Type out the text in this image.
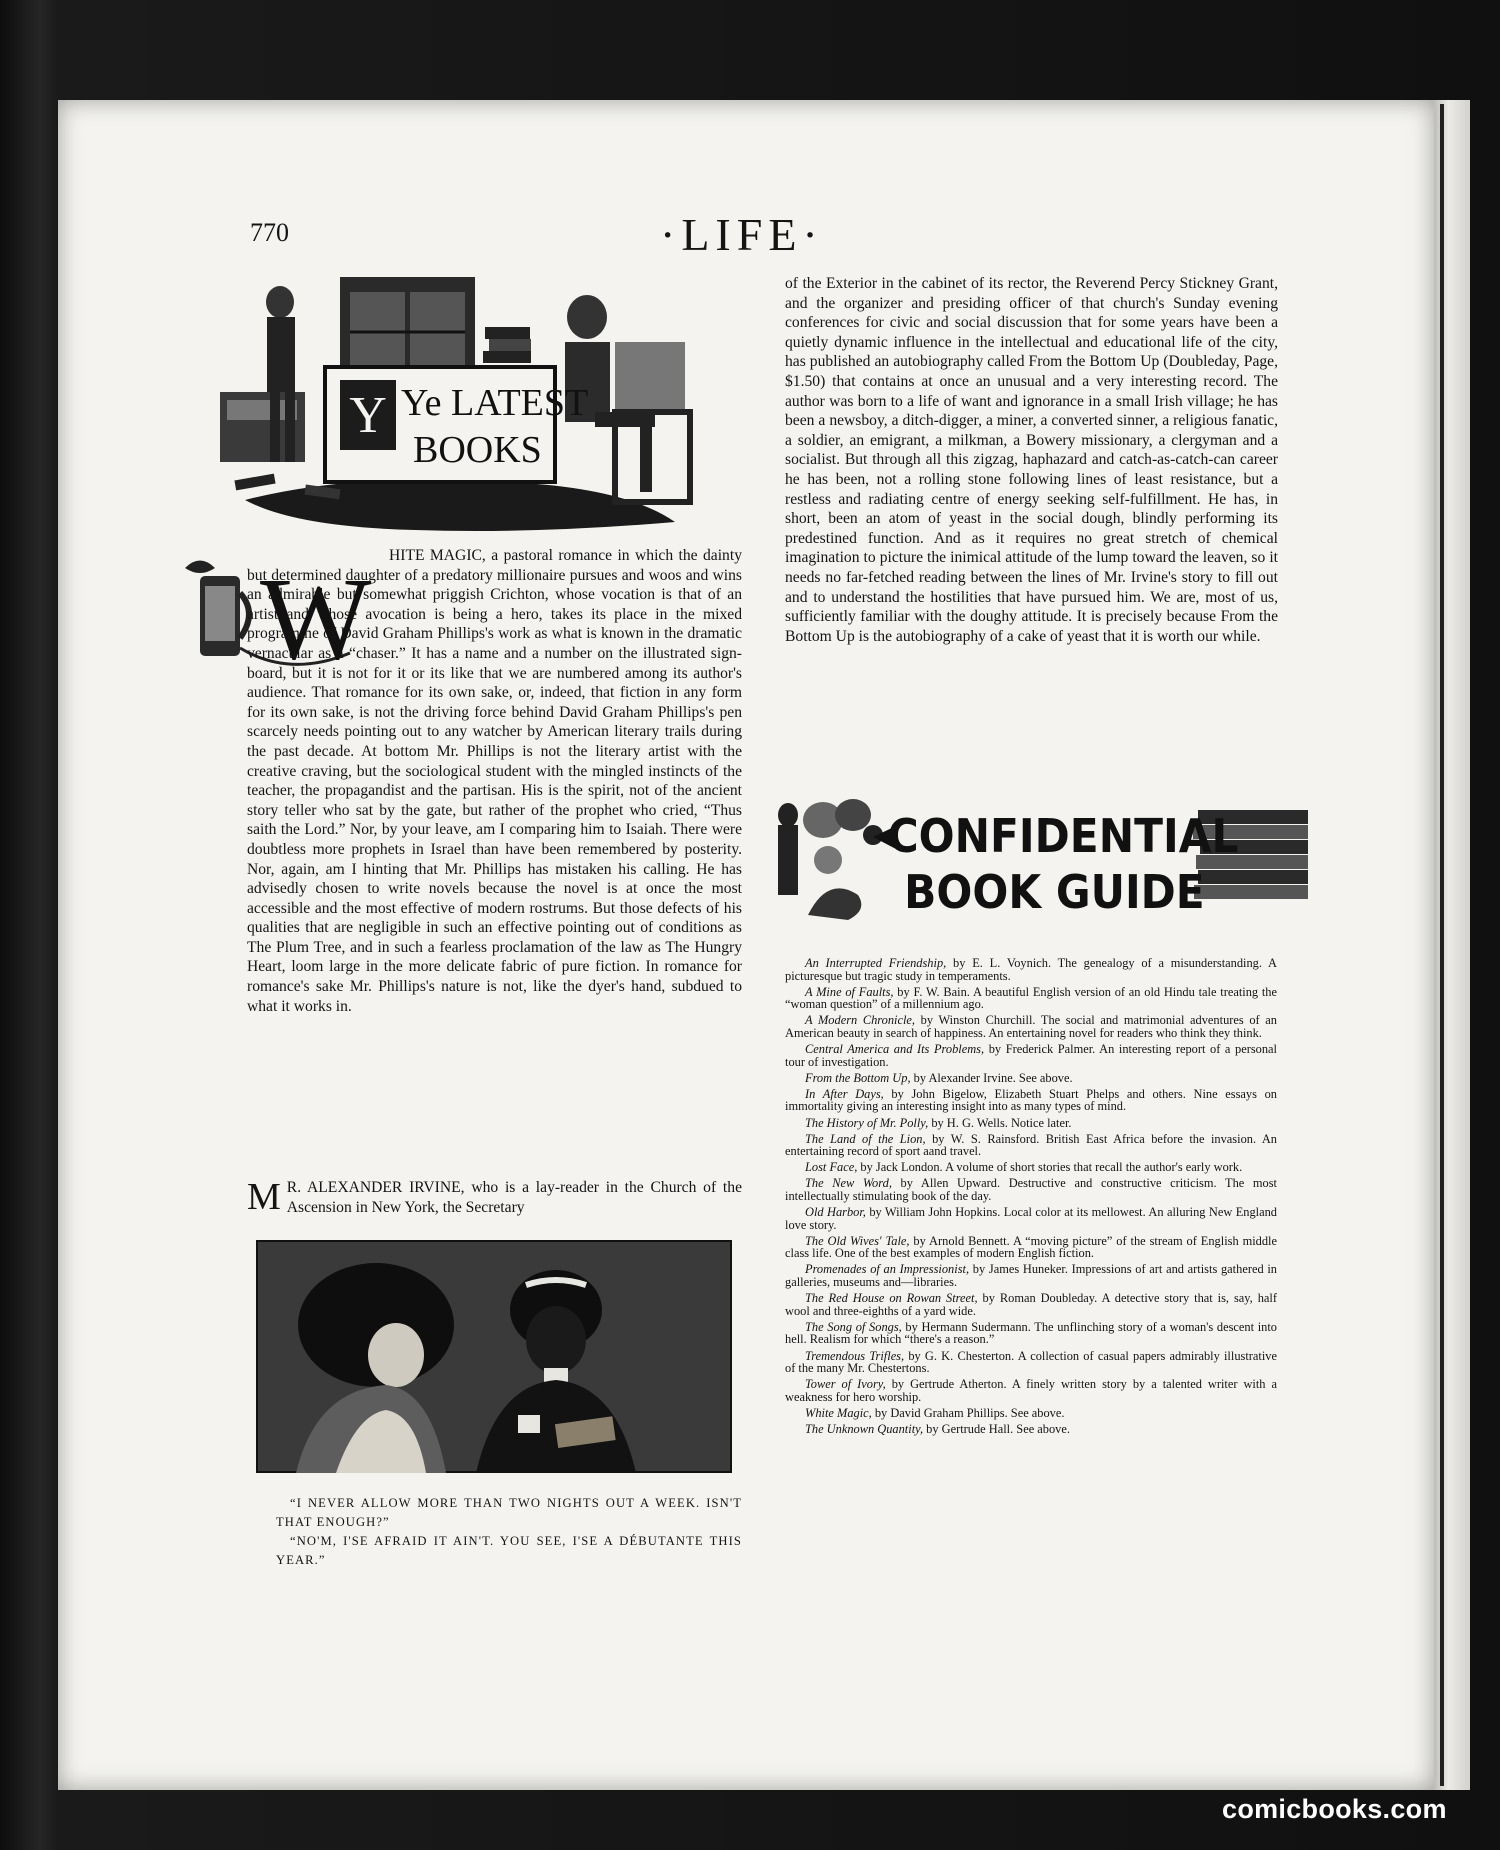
770	·LIFE·
Y Ye LATEST
BOOKS
W	HITE MAGIC, a pastoral romance in which the dainty but determined daughter of a predatory millionaire pursues and woos and wins an admirable but somewhat priggish Crichton, whose vocation is that of an artist and whose avocation is being a hero, takes its place in the mixed programme of David Graham Phillips's work as what is known in the dramatic vernacular as a “chaser.” It has a name and a number on the illustrated sign-board, but it is not for it or its like that we are numbered among its author's audience. That romance for its own sake, or, indeed, that fiction in any form for its own sake, is not the driving force behind David Graham Phillips's pen scarcely needs pointing out to any watcher by American literary trails during the past decade. At bottom Mr. Phillips is not the literary artist with the creative craving, but the sociological student with the mingled instincts of the teacher, the propagandist and the partisan. His is the spirit, not of the ancient story teller who sat by the gate, but rather of the prophet who cried, “Thus saith the Lord.” Nor, by your leave, am I comparing him to Isaiah. There were doubtless more prophets in Israel than have been remembered by posterity. Nor, again, am I hinting that Mr. Phillips has mistaken his calling. He has advisedly chosen to write novels because the novel is at once the most accessible and the most effective of modern rostrums. But those defects of his qualities that are negligible in such an effective pointing out of conditions as The Plum Tree, and in such a fearless proclamation of the law as The Hungry Heart, loom large in the more delicate fabric of pure fiction. In romance for romance's sake Mr. Phillips's nature is not, like the dyer's hand, subdued to what it works in.

M R. ALEXANDER IRVINE, who is a lay-reader in the Church of the Ascension in New York, the Secretary

“I NEVER ALLOW MORE THAN TWO NIGHTS OUT A WEEK. ISN'T THAT ENOUGH?”

“NO'M, I'SE AFRAID IT AIN'T. YOU SEE, I'SE A DÉBUTANTE THIS YEAR.”

of the Exterior in the cabinet of its rector, the Reverend Percy Stickney Grant, and the organizer and presiding officer of that church's Sunday evening conferences for civic and social discussion that for some years have been a quietly dynamic influence in the intellectual and educational life of the city, has published an autobiography called From the Bottom Up (Doubleday, Page, $1.50) that contains at once an unusual and a very interesting record. The author was born to a life of want and ignorance in a small Irish village; he has been a newsboy, a ditch-digger, a miner, a converted sinner, a religious fanatic, a soldier, an emigrant, a milkman, a Bowery missionary, a clergyman and a socialist. But through all this zigzag, haphazard and catch-as-catch-can career he has been, not a rolling stone following lines of least resistance, but a restless and radiating centre of energy seeking self-fulfillment. He has, in short, been an atom of yeast in the social dough, blindly performing its predestined function. And as it requires no great stretch of chemical imagination to picture the inimical attitude of the lump toward the leaven, so it needs no far-fetched reading between the lines of Mr. Irvine's story to fill out and to understand the hostilities that have pursued him. We are, most of us, sufficiently familiar with the doughy attitude. It is precisely because From the Bottom Up is the autobiography of a cake of yeast that it is worth our while.

CONFIDENTIAL
BOOK GUIDE

An Interrupted Friendship, by E. L. Voynich. The genealogy of a misunderstanding. A picturesque but tragic study in temperaments.

A Mine of Faults, by F. W. Bain. A beautiful English version of an old Hindu tale treating the “woman question” of a millennium ago.

A Modern Chronicle, by Winston Churchill. The social and matrimonial adventures of an American beauty in search of happiness. An entertaining novel for readers who think they think.

Central America and Its Problems, by Frederick Palmer. An interesting report of a personal tour of investigation.

From the Bottom Up, by Alexander Irvine. See above.

In After Days, by John Bigelow, Elizabeth Stuart Phelps and others. Nine essays on immortality giving an interesting insight into as many types of mind.

The History of Mr. Polly, by H. G. Wells. Notice later.

The Land of the Lion, by W. S. Rainsford. British East Africa before the invasion. An entertaining record of sport aand travel.

Lost Face, by Jack London. A volume of short stories that recall the author's early work.

The New Word, by Allen Upward. Destructive and constructive criticism. The most intellectually stimulating book of the day.

Old Harbor, by William John Hopkins. Local color at its mellowest. An alluring New England love story.

The Old Wives' Tale, by Arnold Bennett. A “moving picture” of the stream of English middle class life. One of the best examples of modern English fiction.

Promenades of an Impressionist, by James Huneker. Impressions of art and artists gathered in galleries, museums and—libraries.

The Red House on Rowan Street, by Roman Doubleday. A detective story that is, say, half wool and three-eighths of a yard wide.

The Song of Songs, by Hermann Sudermann. The unflinching story of a woman's descent into hell. Realism for which “there's a reason.”

Tremendous Trifles, by G. K. Chesterton. A collection of casual papers admirably illustrative of the many Mr. Chestertons.

Tower of Ivory, by Gertrude Atherton. A finely written story by a talented writer with a weakness for hero worship.

White Magic, by David Graham Phillips. See above.

The Unknown Quantity, by Gertrude Hall. See above.

comicbooks.com
